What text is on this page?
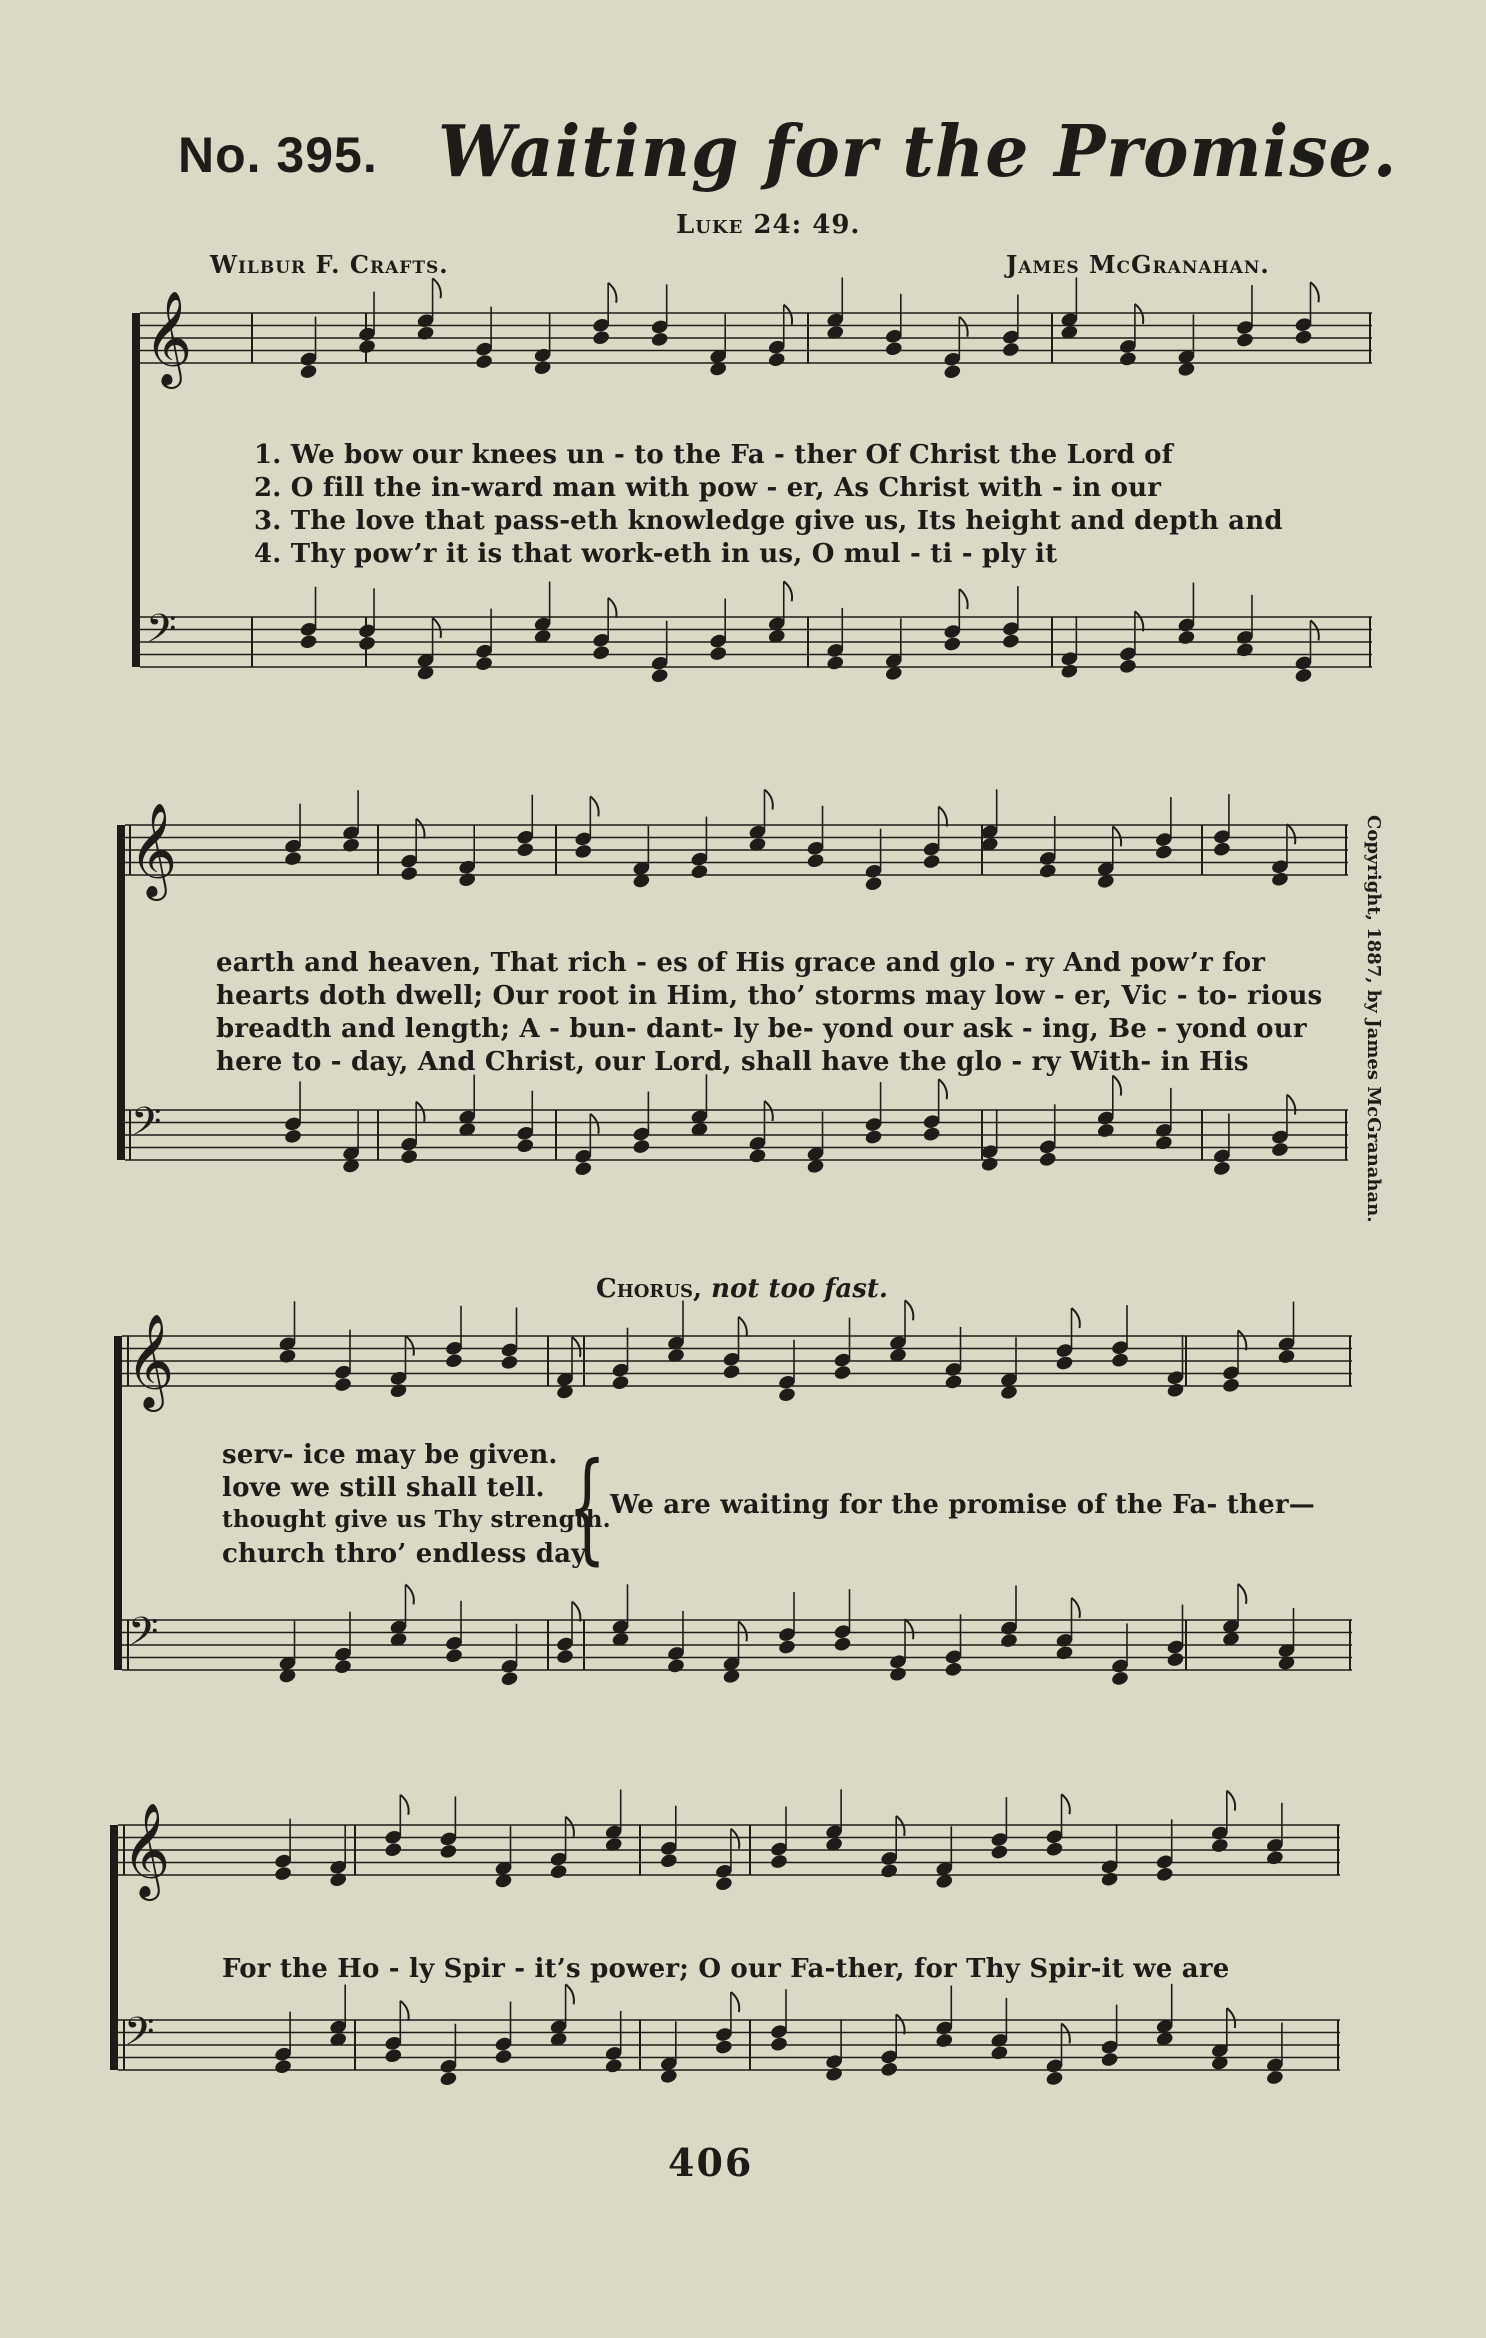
No. 395. Waiting for the Promise.
Luke 24: 49.
Wilbur F. Crafts.	James McGranahan.
𝄞
𝄢
𝄞
𝄢
𝄞
𝄢
𝄞
𝄢
1. We bow our knees un - to the Fa - ther Of Christ the Lord of
2. O fill the in-ward man with pow - er, As Christ with - in our
3. The love that pass-eth knowledge give us, Its height and depth and
4. Thy pow’r it is that work-eth in us, O mul - ti - ply it
earth and heaven, That rich - es of His grace and glo - ry And pow’r for
hearts doth dwell; Our root in Him, tho’ storms may low - er, Vic - to- rious
breadth and length; A - bun- dant- ly be- yond our ask - ing, Be - yond our
here to - day, And Christ, our Lord, shall have the glo - ry With- in His	Copyright, 1887, by James McGranahan.
Chorus, not too fast.
serv- ice may be given.
love we still shall tell.
thought give us Thy strength.
church thro’ endless day.
{ We are waiting for the promise of the Fa- ther—
For the Ho - ly Spir - it’s power; O our Fa-ther, for Thy Spir-it we are
406
